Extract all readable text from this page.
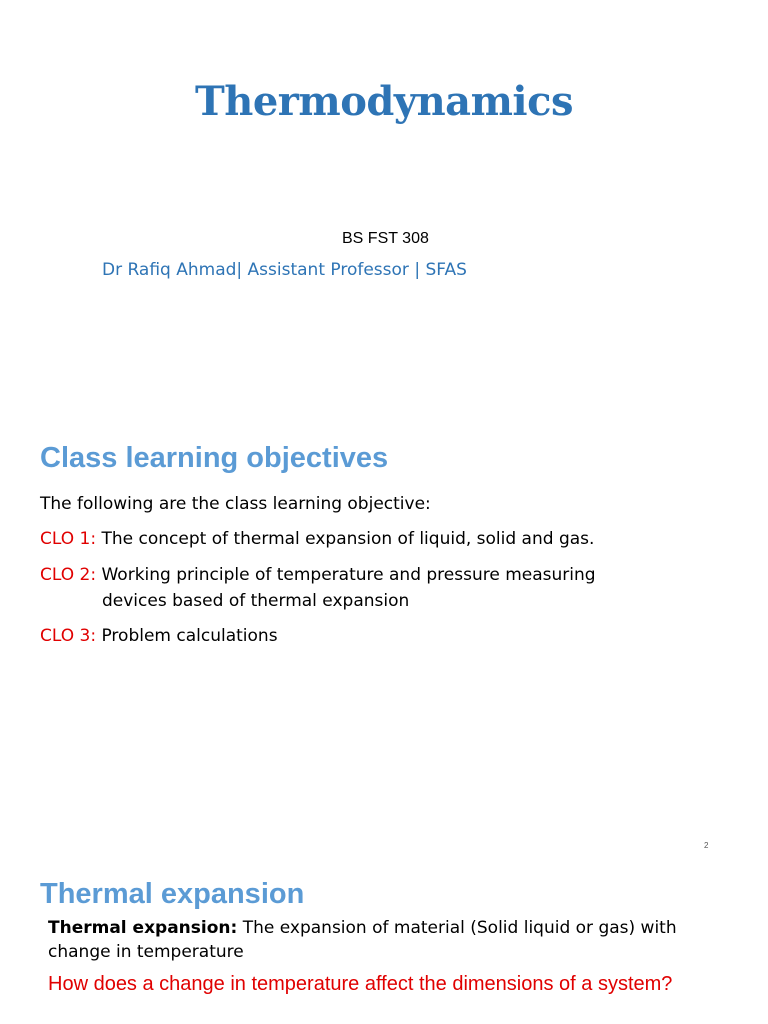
Thermodynamics
BS FST 308
Dr Rafiq Ahmad| Assistant Professor | SFAS
Class learning objectives
The following are the class learning objective:
CLO 1: The concept of thermal expansion of liquid, solid and gas.
CLO 2: Working principle of temperature and pressure measuring
devices based of thermal expansion
CLO 3: Problem calculations
2
Thermal expansion
Thermal expansion: The expansion of material (Solid liquid or gas) with change in temperature
How does a change in temperature affect the dimensions of a system?
